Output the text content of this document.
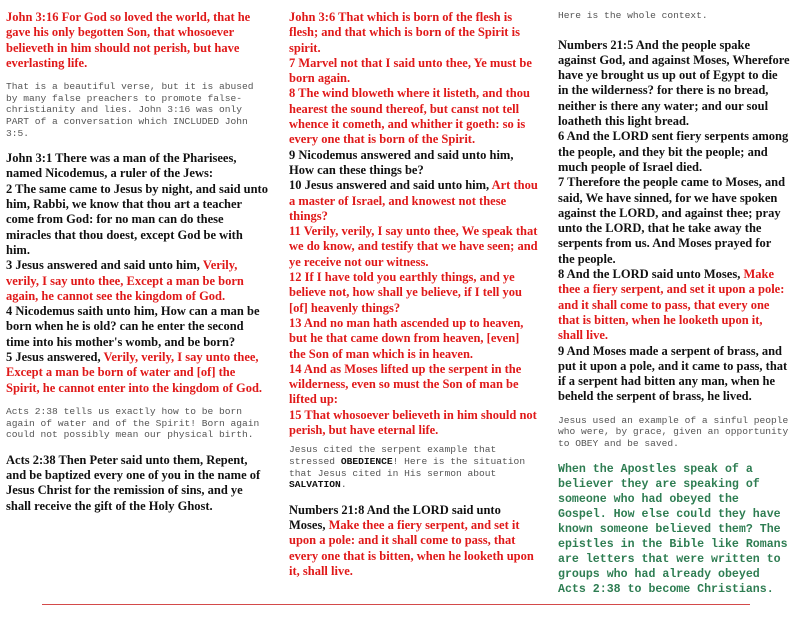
John 3:16 For God so loved the world, that he gave his only begotten Son, that whosoever believeth in him should not perish, but have everlasting life.

That is a beautiful verse, but it is abused by many false preachers to promote false-christianity and lies. John 3:16 was only PART of a conversation which INCLUDED John 3:5.

John 3:1 There was a man of the Pharisees, named Nicodemus, a ruler of the Jews:
2 The same came to Jesus by night, and said unto him, Rabbi, we know that thou art a teacher come from God: for no man can do these miracles that thou doest, except God be with him.
3 Jesus answered and said unto him, Verily, verily, I say unto thee, Except a man be born again, he cannot see the kingdom of God.
4 Nicodemus saith unto him, How can a man be born when he is old? can he enter the second time into his mother's womb, and be born?
5 Jesus answered, Verily, verily, I say unto thee, Except a man be born of water and [of] the Spirit, he cannot enter into the kingdom of God.

Acts 2:38 tells us exactly how to be born again of water and of the Spirit! Born again could not possibly mean our physical birth.

Acts 2:38 Then Peter said unto them, Repent, and be baptized every one of you in the name of Jesus Christ for the remission of sins, and ye shall receive the gift of the Holy Ghost.

John 3:6 That which is born of the flesh is flesh; and that which is born of the Spirit is spirit.
7 Marvel not that I said unto thee, Ye must be born again.
8 The wind bloweth where it listeth, and thou hearest the sound thereof, but canst not tell whence it cometh, and whither it goeth: so is every one that is born of the Spirit.
9 Nicodemus answered and said unto him, How can these things be?
10 Jesus answered and said unto him, Art thou a master of Israel, and knowest not these things?
11 Verily, verily, I say unto thee, We speak that we do know, and testify that we have seen; and ye receive not our witness.
12 If I have told you earthly things, and ye believe not, how shall ye believe, if I tell you [of] heavenly things?
13 And no man hath ascended up to heaven, but he that came down from heaven, [even] the Son of man which is in heaven.
14 And as Moses lifted up the serpent in the wilderness, even so must the Son of man be lifted up:
15 That whosoever believeth in him should not perish, but have eternal life.

Jesus cited the serpent example that stressed OBEDIENCE! Here is the situation that Jesus cited in His sermon about SALVATION.

Numbers 21:8 And the LORD said unto Moses, Make thee a fiery serpent, and set it upon a pole: and it shall come to pass, that every one that is bitten, when he looketh upon it, shall live.

Here is the whole context.

Numbers 21:5 And the people spake against God, and against Moses, Wherefore have ye brought us up out of Egypt to die in the wilderness? for there is no bread, neither is there any water; and our soul loatheth this light bread.
6 And the LORD sent fiery serpents among the people, and they bit the people; and much people of Israel died.
7 Therefore the people came to Moses, and said, We have sinned, for we have spoken against the LORD, and against thee; pray unto the LORD, that he take away the serpents from us. And Moses prayed for the people.
8 And the LORD said unto Moses, Make thee a fiery serpent, and set it upon a pole: and it shall come to pass, that every one that is bitten, when he looketh upon it, shall live.
9 And Moses made a serpent of brass, and put it upon a pole, and it came to pass, that if a serpent had bitten any man, when he beheld the serpent of brass, he lived.

Jesus used an example of a sinful people who were, by grace, given an opportunity to OBEY and be saved.

When the Apostles speak of a believer they are speaking of someone who had obeyed the Gospel. How else could they have known someone believed them? The epistles in the Bible like Romans are letters that were written to groups who had already obeyed Acts 2:38 to become Christians.
